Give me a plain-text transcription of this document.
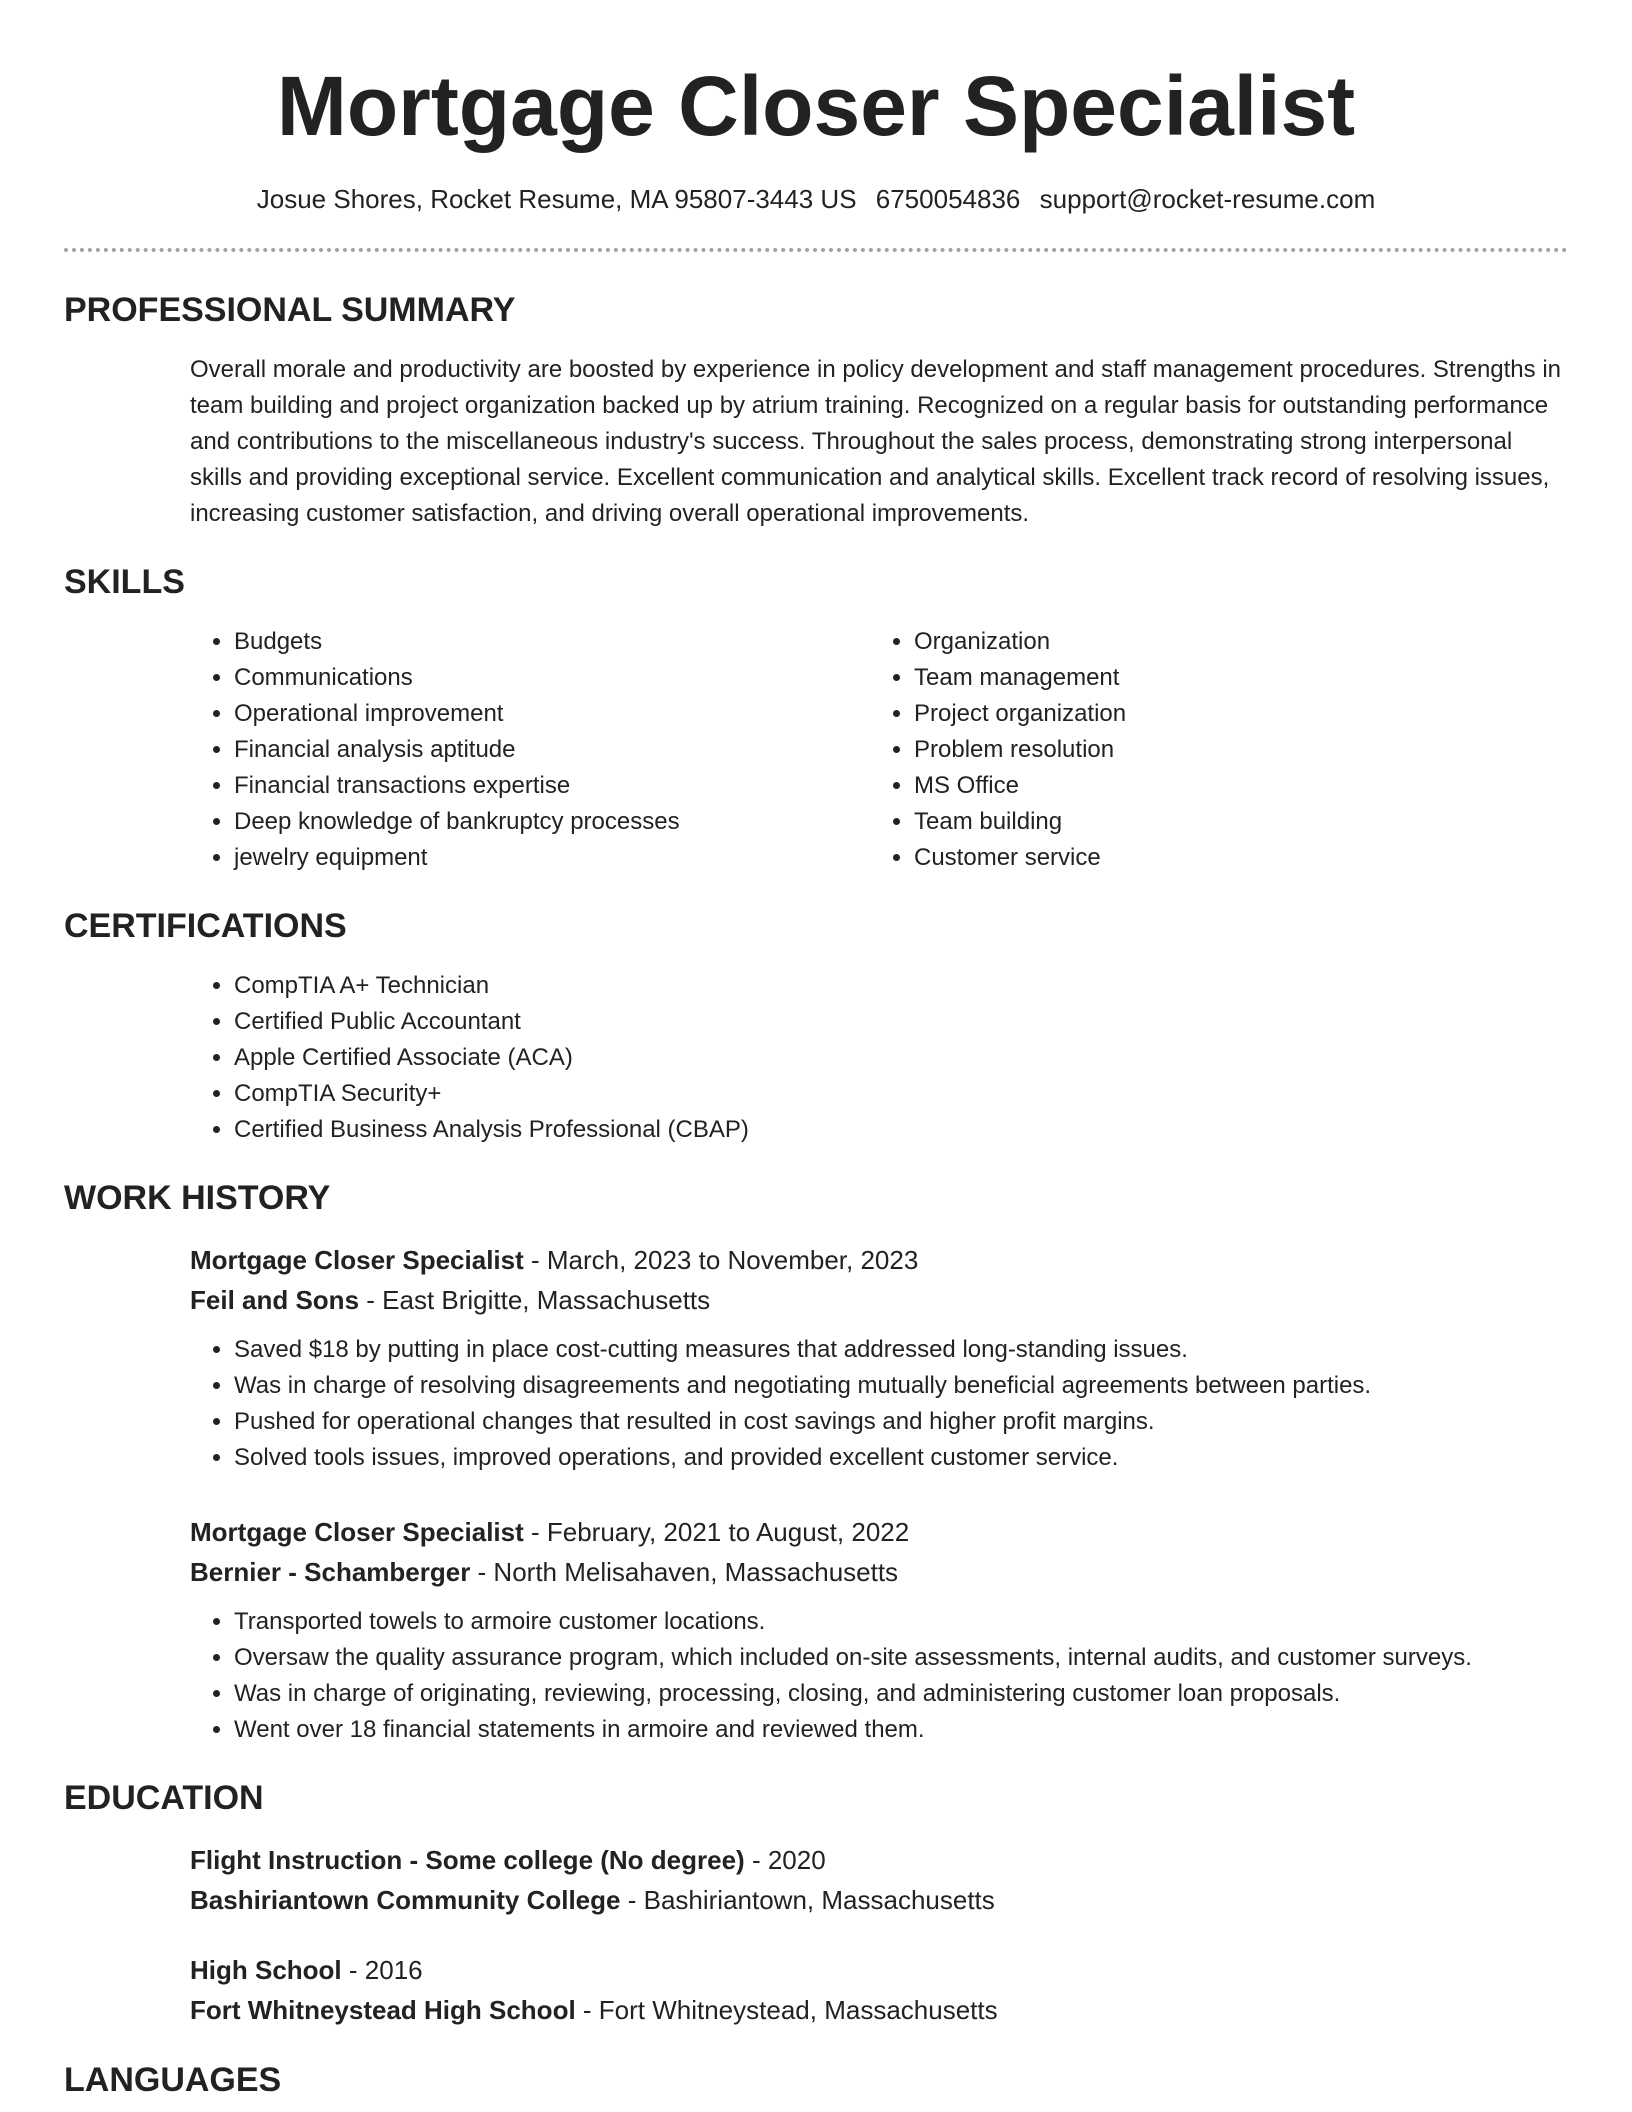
Mortgage Closer Specialist
Josue Shores, Rocket Resume, MA 95807-3443 US 6750054836 support@rocket-resume.com
PROFESSIONAL SUMMARY

Overall morale and productivity are boosted by experience in policy development and staff management procedures. Strengths in team building and project organization backed up by atrium training. Recognized on a regular basis for outstanding performance and contributions to the miscellaneous industry's success. Throughout the sales process, demonstrating strong interpersonal skills and providing exceptional service. Excellent communication and analytical skills. Excellent track record of resolving issues, increasing customer satisfaction, and driving overall operational improvements.

SKILLS
• Budgets
• Communications
• Operational improvement
• Financial analysis aptitude
• Financial transactions expertise
• Deep knowledge of bankruptcy processes
• jewelry equipment
• Organization
• Team management
• Project organization
• Problem resolution
• MS Office
• Team building
• Customer service
CERTIFICATIONS
• CompTIA A+ Technician
• Certified Public Accountant
• Apple Certified Associate (ACA)
• CompTIA Security+
• Certified Business Analysis Professional (CBAP)
WORK HISTORY
Mortgage Closer Specialist - March, 2023 to November, 2023
Feil and Sons - East Brigitte, Massachusetts
• Saved $18 by putting in place cost-cutting measures that addressed long-standing issues.
• Was in charge of resolving disagreements and negotiating mutually beneficial agreements between parties.
• Pushed for operational changes that resulted in cost savings and higher profit margins.
• Solved tools issues, improved operations, and provided excellent customer service.
Mortgage Closer Specialist - February, 2021 to August, 2022
Bernier - Schamberger - North Melisahaven, Massachusetts
• Transported towels to armoire customer locations.
• Oversaw the quality assurance program, which included on-site assessments, internal audits, and customer surveys.
• Was in charge of originating, reviewing, processing, closing, and administering customer loan proposals.
• Went over 18 financial statements in armoire and reviewed them.
EDUCATION
Flight Instruction - Some college (No degree) - 2020
Bashiriantown Community College - Bashiriantown, Massachusetts
High School - 2016
Fort Whitneystead High School - Fort Whitneystead, Massachusetts
LANGUAGES
